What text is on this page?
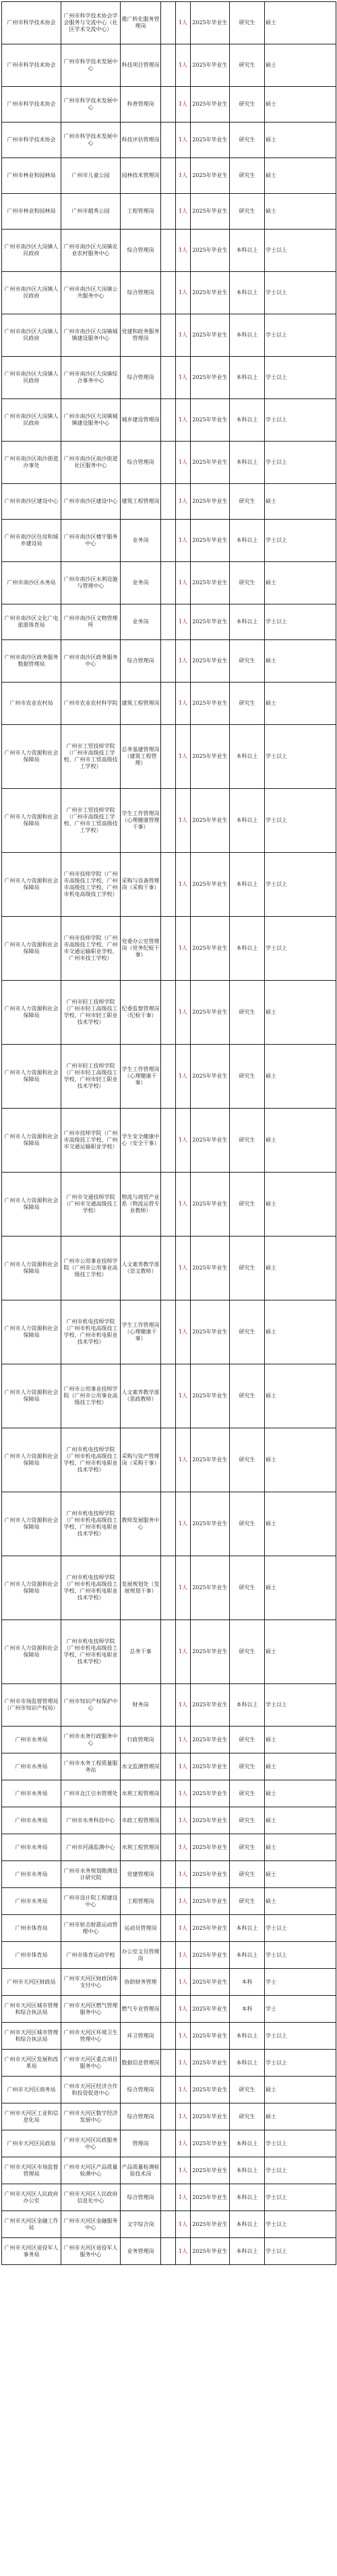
广州市科学技术协会	广州市科学技术协会学会服务与交流中心（社区学术交流中心）	推广转化服务管理岗		1人	2025年毕业生	研究生	硕士
广州市科学技术协会	广州市科学技术发展中心	科技项目管理岗		1人	2025年毕业生	研究生	硕士
广州市科学技术协会	广州市科学技术发展中心	科普管理岗		1人	2025年毕业生	研究生	硕士
广州市科学技术协会	广州市科学技术发展中心	科技评估管理岗		1人	2025年毕业生	研究生	硕士
广州市林业和园林局	广州市儿童公园	园林技术管理岗		1人	2025年毕业生	研究生	硕士
广州市林业和园林局	广州市越秀公园	工程管理岗		1人	2025年毕业生	研究生	硕士
广州市南沙区大岗镇人民政府	广州市南沙区大岗镇农业农村服务中心	综合管理岗		1人	2025年毕业生	本科以上	学士以上
广州市南沙区大岗镇人民政府	广州市南沙区大岗镇公共服务中心	综合管理岗		1人	2025年毕业生	本科以上	学士以上
广州市南沙区大岗镇人民政府	广州市南沙区大岗镇城镇建设服务中心	党建和政务服务管理岗		1人	2025年毕业生	本科以上	学士以上
广州市南沙区大岗镇人民政府	广州市南沙区大岗镇综合事务中心	综合管理岗		1人	2025年毕业生	本科以上	学士以上
广州市南沙区大岗镇人民政府	广州市南沙区大岗镇城镇建设服务中心	城乡建设管理岗		1人	2025年毕业生	本科以上	学士以上
广州市南沙区南沙街道办事处	广州市南沙区南沙街道社区服务中心	综合管理岗		1人	2025年毕业生	本科以上	学士以上
广州市南沙区建设中心	广州市南沙区建设中心	建筑工程管理岗		1人	2025年毕业生	研究生	硕士
广州市南沙区住房和城乡建设局	广州市南沙区楼宇服务中心	业务岗		1人	2025年毕业生	本科以上	学士以上
广州市南沙区水务局	广州市南沙区水利设施与管理中心	业务岗		1人	2025年毕业生	研究生	硕士
广州市南沙区文化广电旅游体育局	广州市南沙区文物管理所	业务岗		1人	2025年毕业生	本科以上	学士以上
广州市南沙区政务服务数据管理局	广州市南沙区政务服务中心	综合管理岗		1人	2025年毕业生	研究生	硕士
广州市农业农村局	广州市农业农村科学院	建筑工程管理岗		1人	2025年毕业生	研究生	硕士
广州市人力资源和社会保障局	广州市工贸技师学院（广州市高级技工学校、广州市工贸高级技工学校）	总务基建管理岗（建筑工程管理）		1人	2025年毕业生	本科以上	学士以上
广州市人力资源和社会保障局	广州市工贸技师学院（广州市高级技工学校、广州市工贸高级技工学校）	学生工作管理岗（心理健康管理干事）		1人	2025年毕业生	本科以上	学士以上
广州市人力资源和社会保障局	广州市技师学院（广州市高级技工学校、广州市高级技工学校、广州市机电高级技工学校）	采购与设备管理岗（采购干事）		1人	2025年毕业生	本科以上	学士以上
广州市人力资源和社会保障局	广州市技师学院（广州市高级技工学校、广州市交通运输职业学校、广州市技工学校）	党委办公室管理岗（党务纪检干事）		1人	2025年毕业生	本科以上	学士以上
广州市人力资源和社会保障局	广州市轻工技师学院（广州市轻工高级技工学校、广州市轻工职业技术学校）	纪委监察管理岗（纪检干事）		1人	2025年毕业生	研究生	硕士
广州市人力资源和社会保障局	广州市轻工技师学院（广州市轻工高级技工学校、广州市轻工职业技术学校）	学生工作管理岗（心理健康干事）		1人	2025年毕业生	研究生	硕士
广州市人力资源和社会保障局	广州市技师学院（广州市高级技工学校、广州市交通运输职业学校）	学生安全健康中心（安全干事）		1人	2025年毕业生	研究生	硕士
广州市人力资源和社会保障局	广州市交通技师学院（广州市交通高级技工学校）	物流与商贸产业系（物流运营专业教师）		1人	2025年毕业生	研究生	硕士
广州市人力资源和社会保障局	广州市公用事业技师学院（广州市公用事业高级技工学校）	人文素养教学部（语文教师）		1人	2025年毕业生	研究生	硕士
广州市人力资源和社会保障局	广州市机电技师学院（广州市机电高级技工学校、广州市机电职业技术学校）	学生工作管理岗（心理健康干事）		1人	2025年毕业生	研究生	硕士
广州市人力资源和社会保障局	广州市公用事业技师学院（广州市公用事业高级技工学校）	人文素养教学部（思政教师）		1人	2025年毕业生	研究生	硕士
广州市人力资源和社会保障局	广州市机电技师学院（广州市机电高级技工学校、广州市机电职业技术学校）	采购与资产管理岗（采购干事）		1人	2025年毕业生	研究生	硕士
广州市人力资源和社会保障局	广州市机电技师学院（广州市机电高级技工学校、广州市机电职业技术学校）	教师发展服务中心		1人	2025年毕业生	研究生	硕士
广州市人力资源和社会保障局	广州市机电技师学院（广州市机电高级技工学校、广州市机电职业技术学校）	发展规划处（发展规划干事）		1人	2025年毕业生	研究生	硕士
广州市人力资源和社会保障局	广州市机电技师学院（广州市机电高级技工学校、广州市机电职业技术学校）	总务干事		1人	2025年毕业生	研究生	硕士
广州市市场监督管理局（广州市知识产权局）	广州市知识产权保护中心	财务岗		1人	2025年毕业生	本科以上	学士以上
广州市水务局	广州市水务行政服务中心	行政管理岗		1人	2025年毕业生	研究生	硕士
广州市水务局	广州市水务工程质量服务站	水文监测管理岗		1人	2025年毕业生	研究生	硕士
广州市水务局	广州市北江引水管理处	水利工程管理岗		1人	2025年毕业生	研究生	硕士
广州市水务局	广州市水务科技中心	市政工程管理岗		1人	2025年毕业生	研究生	硕士
广州市水务局	广州市河涌监测中心	水利工程管理岗		1人	2025年毕业生	研究生	硕士
广州市水务局	广州市水务规划勘测设计研究院	党建管理岗		1人	2025年毕业生	研究生	硕士
广州市水务局	广州市设计院工程建设中心	工程管理岗		1人	2025年毕业生	研究生	硕士
广州市体育局	广州市射击射箭运动管理中心	运动员管理岗		1人	2025年毕业生	本科以上	学士以上
广州市体育局	广州市体育运动学校	办公室文员管理岗		1人	2025年毕业生	本科以上	学士以上
广州市天河区财政局	广州市天河区财政国库支付中心	协助财务管理		1人	2025年毕业生	本科	学士
广州市天河区城市管理和综合执法局	广州市天河区燃气管理服务中心	燃气专业管理岗		1人	2025年毕业生	本科	学士
广州市天河区城市管理和综合执法局	广州市天河区环境卫生管理中心	环卫管理岗		1人	2025年毕业生	本科以上	学士以上
广州市天河区发展和改革局	广州市天河区重点项目服务中心	数据信息管理岗		1人	2025年毕业生	本科以上	学士以上
广州市天河区商务局	广州市天河区经济合作和投资促进中心	综合管理岗		1人	2025年毕业生	研究生	硕士
广州市天河区工业和信息化局	广州市天河区数字经济发展中心	综合管理岗		1人	2025年毕业生	研究生	硕士
广州市天河区民政局	广州市天河区民政服务中心	管理岗		1人	2025年毕业生	本科以上	学士以上
广州市天河区市场监督管理局	广州市天河区产品质量检测中心	产品质量检测检验技术岗		1人	2025年毕业生	本科以上	学士以上
广州市天河区人民政府办公室	广州市天河区人民政府信息化中心	综合管理岗		1人	2025年毕业生	本科以上	学士以上
广州市天河区金融工作局	广州市天河区金融服务中心	文字综合岗		1人	2025年毕业生	本科以上	学士以上
广州市天河区退役军人事务局	广州市天河区退役军人服务中心	业务管理岗		1人	2025年毕业生	本科以上	学士以上
